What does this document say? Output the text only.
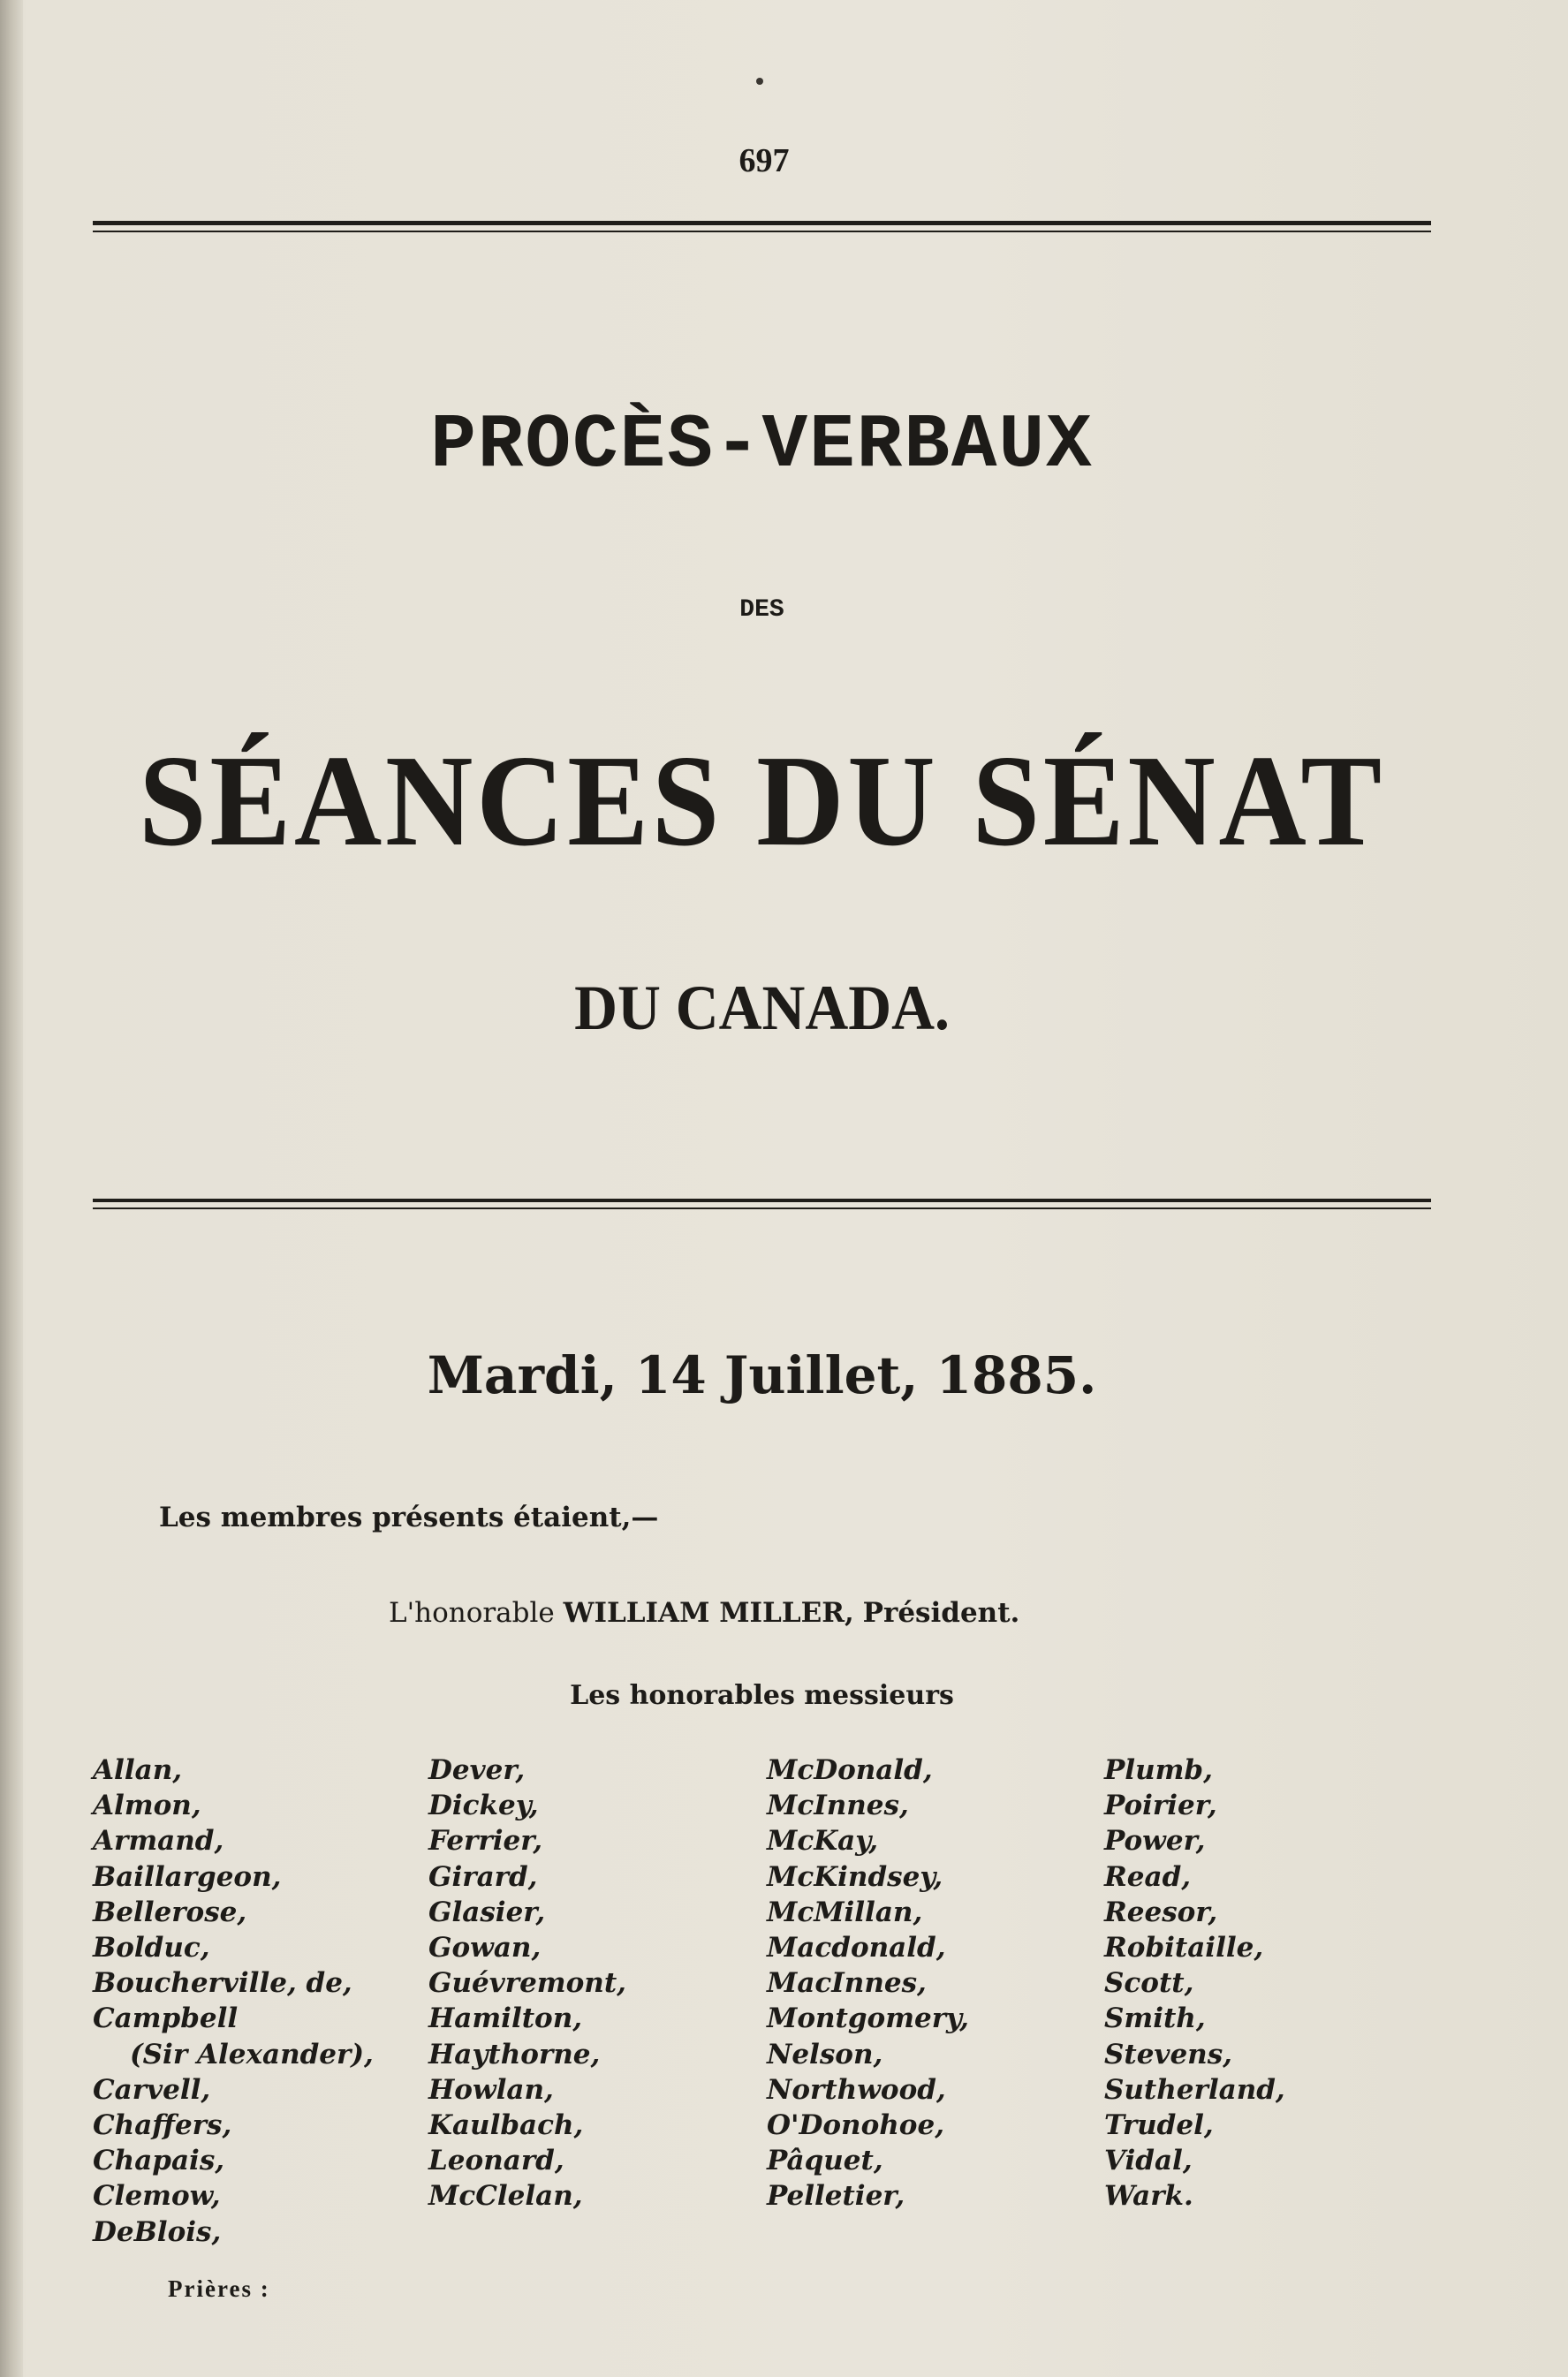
697
PROCÈS-VERBAUX
DES
SÉANCES DU SÉNAT
DU CANADA.
Mardi, 14 Juillet, 1885.
Les membres présents étaient,—
L'honorable WILLIAM MILLER, Président.
Les honorables messieurs
Allan,
Almon,
Armand,
Baillargeon,
Bellerose,
Bolduc,
Boucherville, de,
Campbell
(Sir Alexander),
Carvell,
Chaffers,
Chapais,
Clemow,
DeBlois,
Dever,
Dickey,
Ferrier,
Girard,
Glasier,
Gowan,
Guévremont,
Hamilton,
Haythorne,
Howlan,
Kaulbach,
Leonard,
McClelan,
McDonald,
McInnes,
McKay,
McKindsey,
McMillan,
Macdonald,
MacInnes,
Montgomery,
Nelson,
Northwood,
O'Donohoe,
Pâquet,
Pelletier,
Plumb,
Poirier,
Power,
Read,
Reesor,
Robitaille,
Scott,
Smith,
Stevens,
Sutherland,
Trudel,
Vidal,
Wark.
Prières :
